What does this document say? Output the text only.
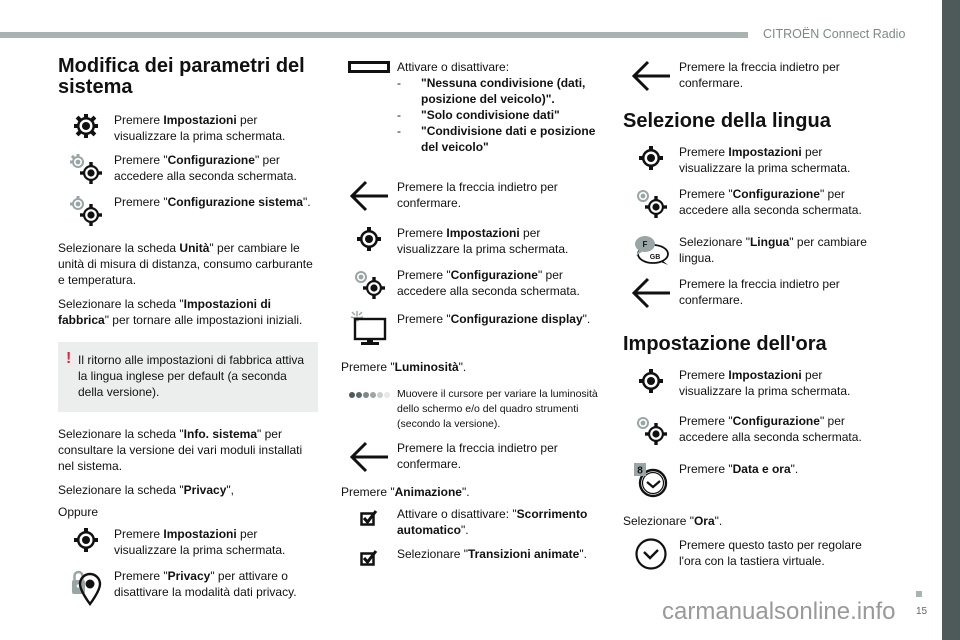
CITROËN Connect Radio
Modifica dei parametri del sistema
Premere Impostazioni per visualizzare la prima schermata.
Premere "Configurazione" per accedere alla seconda schermata.
Premere "Configurazione sistema".

Selezionare la scheda Unità" per cambiare le unità di misura di distanza, consumo carburante e temperatura.

Selezionare la scheda "Impostazioni di fabbrica" per tornare alle impostazioni iniziali.

! Il ritorno alle impostazioni di fabbrica attiva la lingua inglese per default (a seconda della versione).

Selezionare la scheda "Info. sistema" per consultare la versione dei vari moduli installati nel sistema.

Selezionare la scheda "Privacy",

Oppure

Premere Impostazioni per visualizzare la prima schermata.
Premere "Privacy" per attivare o disattivare la modalità dati privacy.
Attivare o disattivare:
-	"Nessuna condivisione (dati, posizione del veicolo)".
-	"Solo condivisione dati"
-	"Condivisione dati e posizione del veicolo"
Premere la freccia indietro per confermare.
Premere Impostazioni per visualizzare la prima schermata.
Premere "Configurazione" per accedere alla seconda schermata.
Premere "Configurazione display".

Premere "Luminosità".

Muovere il cursore per variare la luminosità dello schermo e/o del quadro strumenti (secondo la versione).
Premere la freccia indietro per confermare.

Premere "Animazione".

Attivare o disattivare: "Scorrimento automatico".
Selezionare "Transizioni animate".
Premere la freccia indietro per confermare.
Selezione della lingua
Premere Impostazioni per visualizzare la prima schermata.
Premere "Configurazione" per accedere alla seconda schermata.
F
GB
Selezionare "Lingua" per cambiare lingua.
Premere la freccia indietro per confermare.
Impostazione dell'ora
Premere Impostazioni per visualizzare la prima schermata.
Premere "Configurazione" per accedere alla seconda schermata.
8	Premere "Data e ora".

Selezionare "Ora".

Premere questo tasto per regolare l'ora con la tastiera virtuale.
carmanualsonline.info 15
